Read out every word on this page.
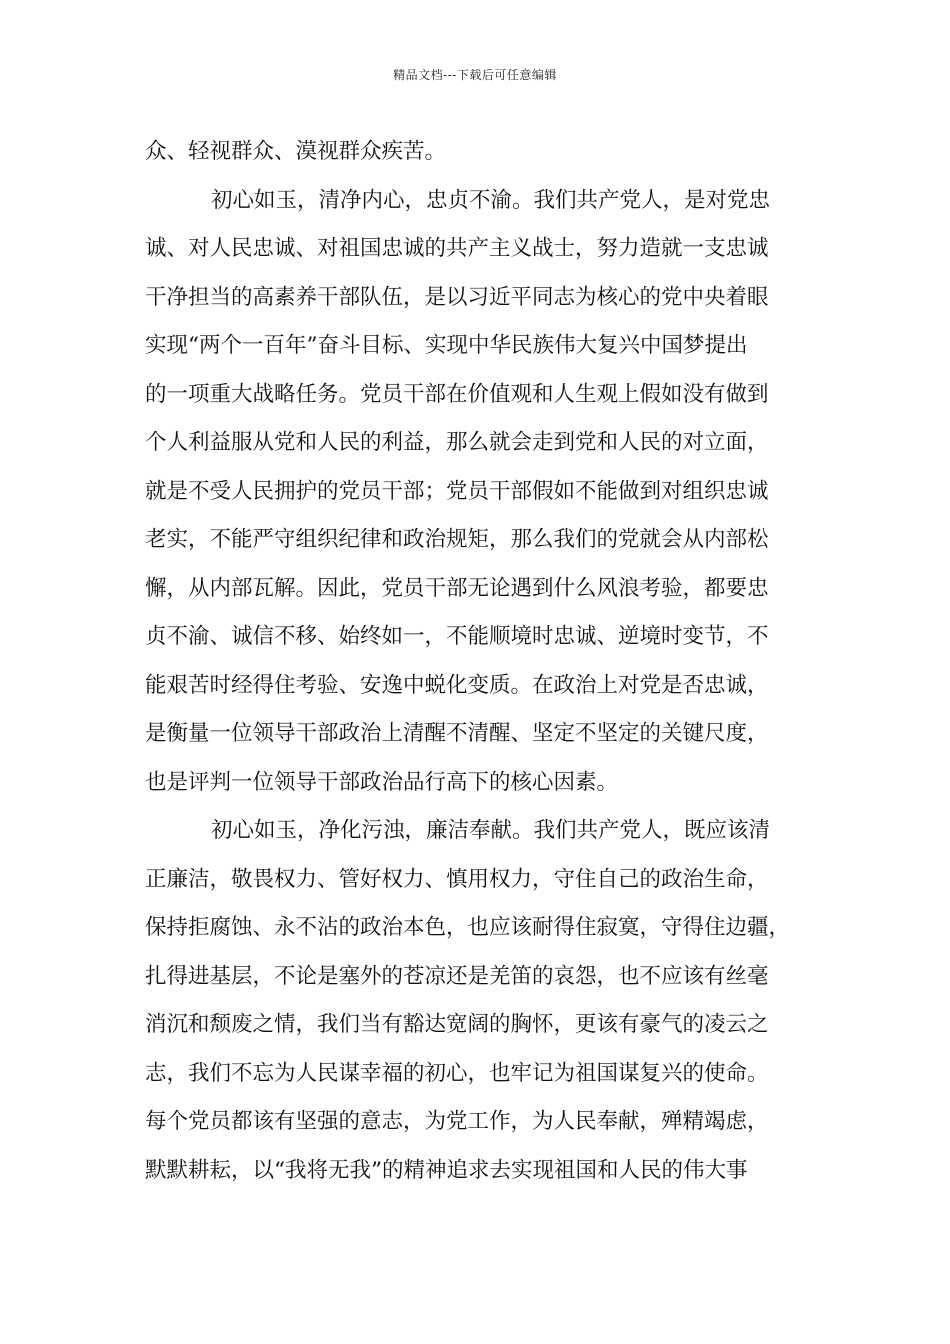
精品文档---下载后可任意编辑
众、轻视群众、漠视群众疾苦。
初心如玉，清净内心，忠贞不渝。我们共产党人，是对党忠
诚、对人民忠诚、对祖国忠诚的共产主义战士，努力造就一支忠诚
干净担当的高素养干部队伍，是以习近平同志为核心的党中央着眼
实现“两个一百年”奋斗目标、实现中华民族伟大复兴中国梦提出
的一项重大战略任务。党员干部在价值观和人生观上假如没有做到
个人利益服从党和人民的利益，那么就会走到党和人民的对立面，
就是不受人民拥护的党员干部；党员干部假如不能做到对组织忠诚
老实，不能严守组织纪律和政治规矩，那么我们的党就会从内部松
懈，从内部瓦解。因此，党员干部无论遇到什么风浪考验，都要忠
贞不渝、诚信不移、始终如一，不能顺境时忠诚、逆境时变节，不
能艰苦时经得住考验、安逸中蜕化变质。在政治上对党是否忠诚，
是衡量一位领导干部政治上清醒不清醒、坚定不坚定的关键尺度，
也是评判一位领导干部政治品行高下的核心因素。
初心如玉，净化污浊，廉洁奉献。我们共产党人，既应该清
正廉洁，敬畏权力、管好权力、慎用权力，守住自己的政治生命，
保持拒腐蚀、永不沾的政治本色，也应该耐得住寂寞，守得住边疆，
扎得进基层，不论是塞外的苍凉还是羌笛的哀怨，也不应该有丝毫
消沉和颓废之情，我们当有豁达宽阔的胸怀，更该有豪气的凌云之
志，我们不忘为人民谋幸福的初心，也牢记为祖国谋复兴的使命。
每个党员都该有坚强的意志，为党工作，为人民奉献，殚精竭虑，
默默耕耘，以“我将无我”的精神追求去实现祖国和人民的伟大事
